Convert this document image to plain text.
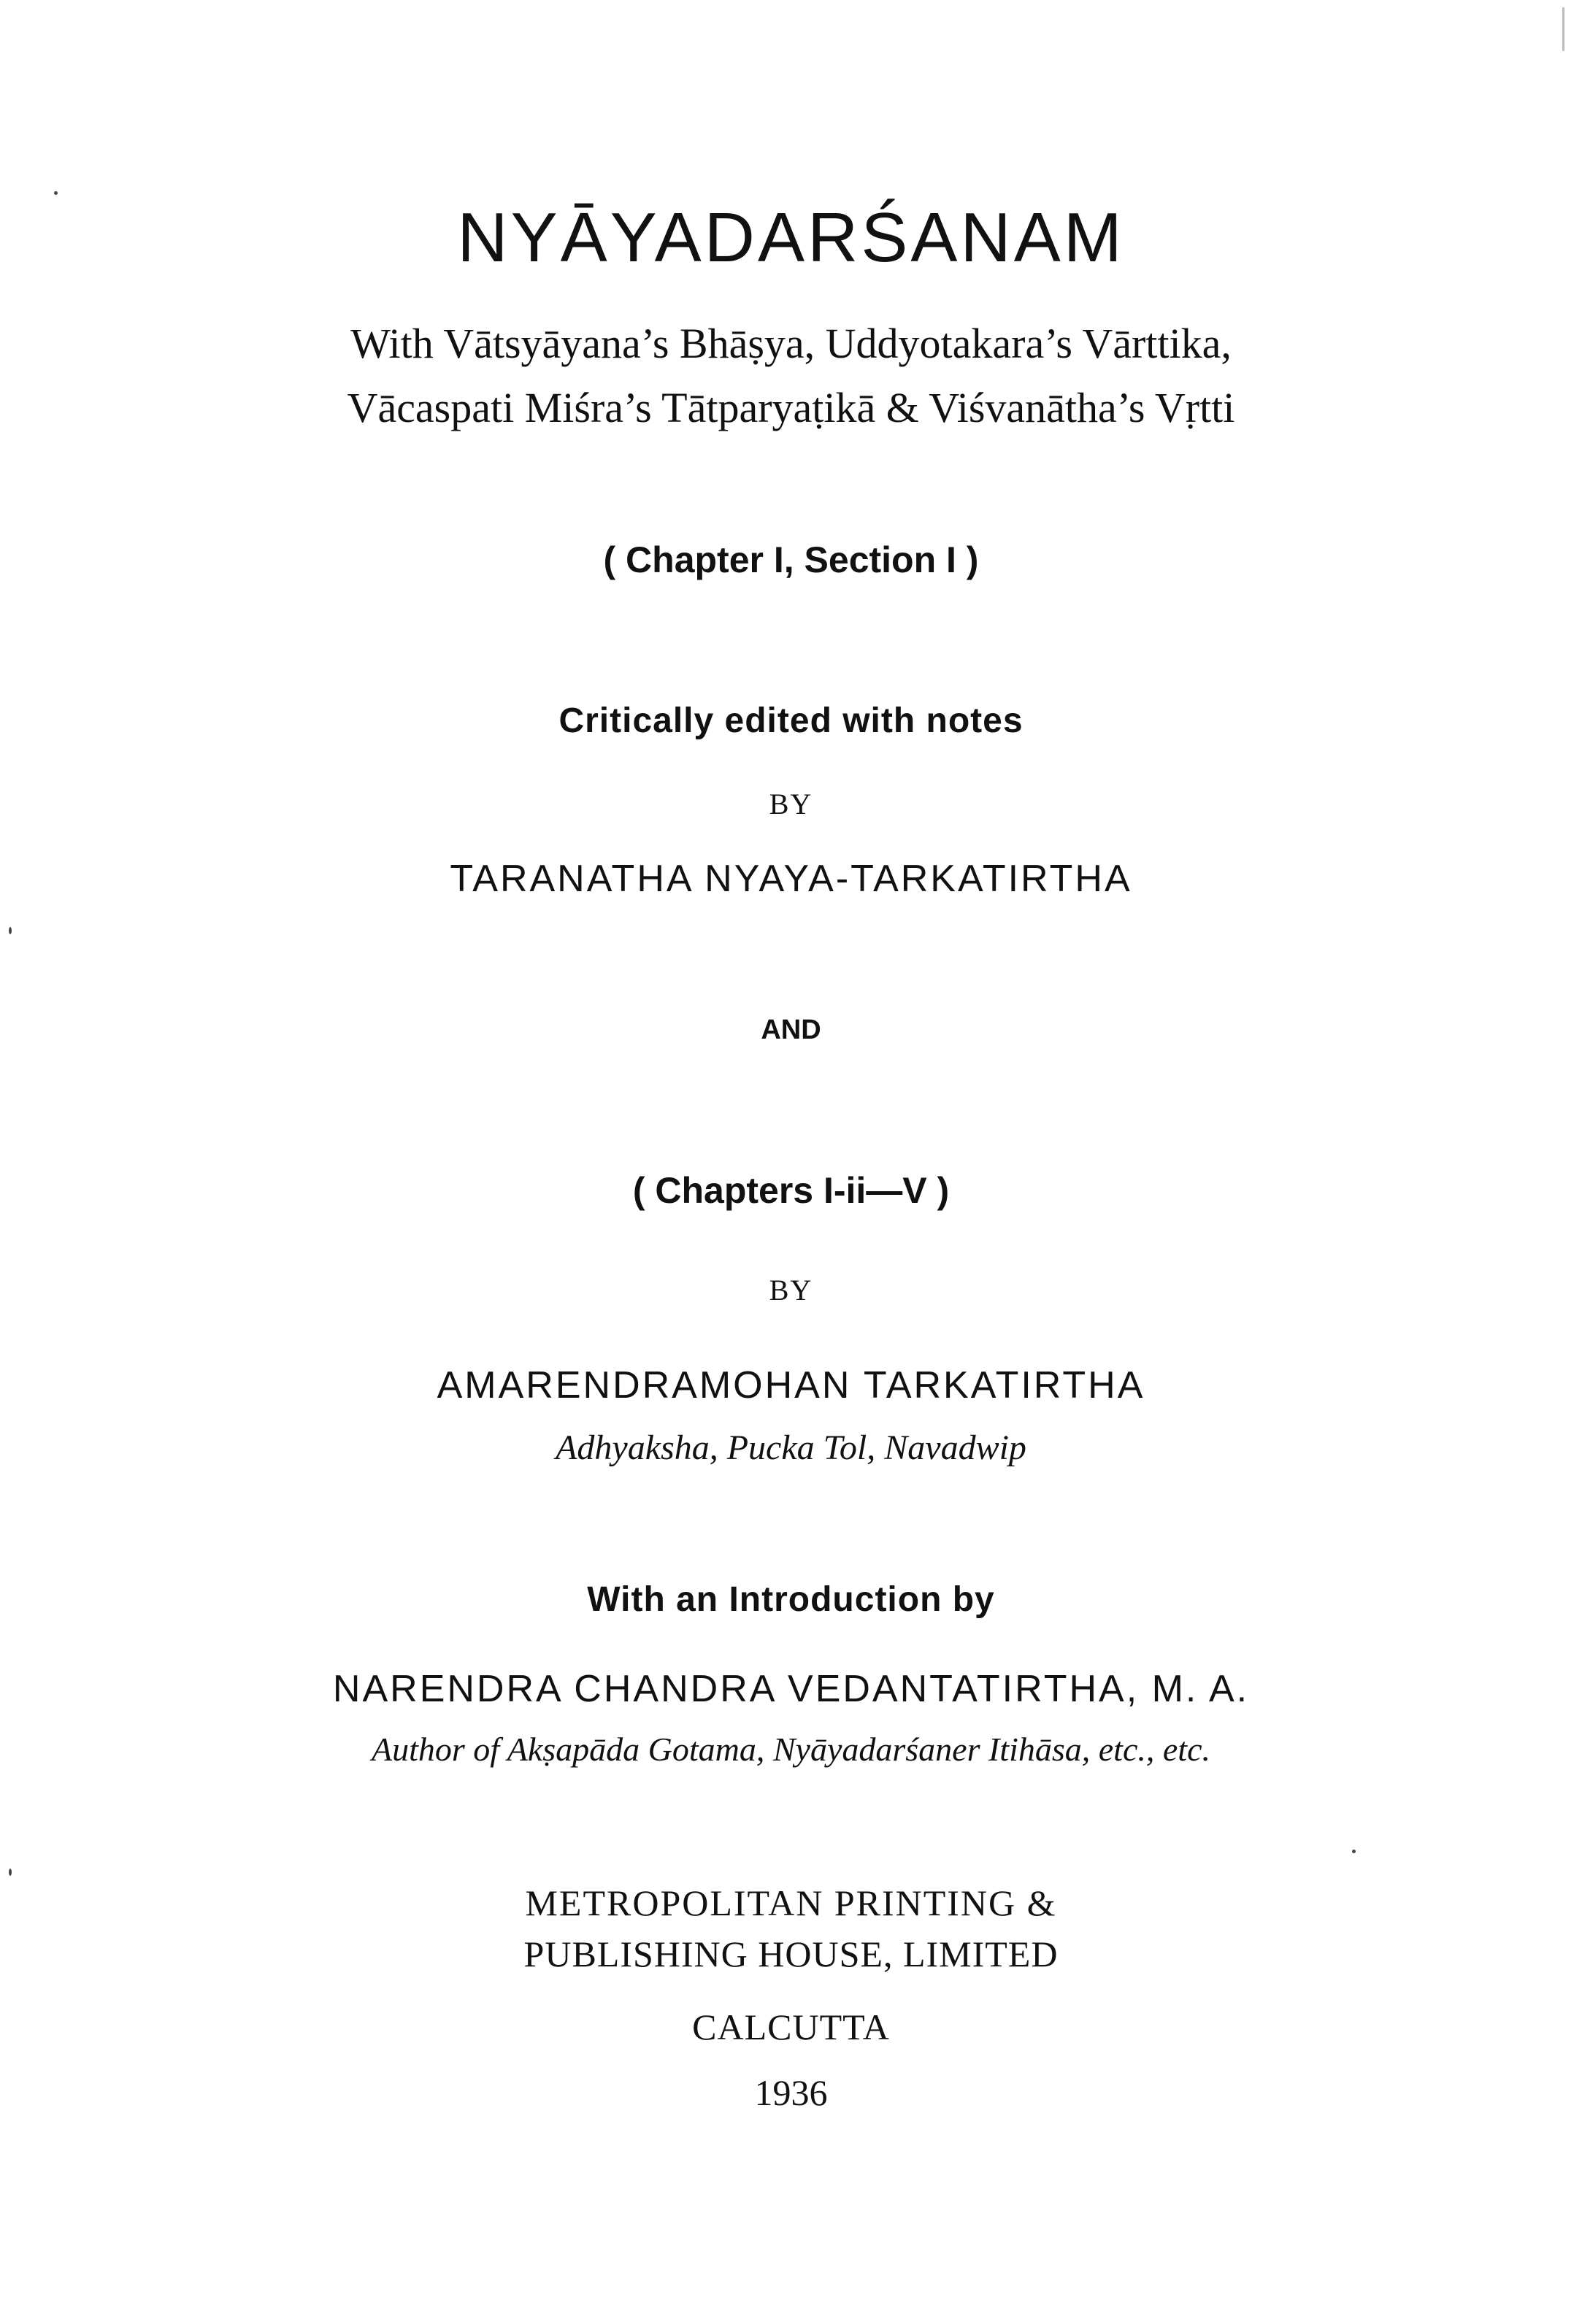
NYĀYADARŚANAM
With Vātsyāyana’s Bhāṣya, Uddyotakara’s Vārttika,
Vācaspati Miśra’s Tātparyaṭikā & Viśvanātha’s Vṛtti
( Chapter I, Section I )
Critically edited with notes
BY
TARANATHA NYAYA-TARKATIRTHA
AND
( Chapters I-ii—V )
BY
AMARENDRAMOHAN TARKATIRTHA
Adhyaksha, Pucka Tol, Navadwip
With an Introduction by
NARENDRA CHANDRA VEDANTATIRTHA, M. A.
Author of Akṣapāda Gotama, Nyāyadarśaner Itihāsa, etc., etc.
METROPOLITAN PRINTING &
PUBLISHING HOUSE, LIMITED
CALCUTTA
1936
